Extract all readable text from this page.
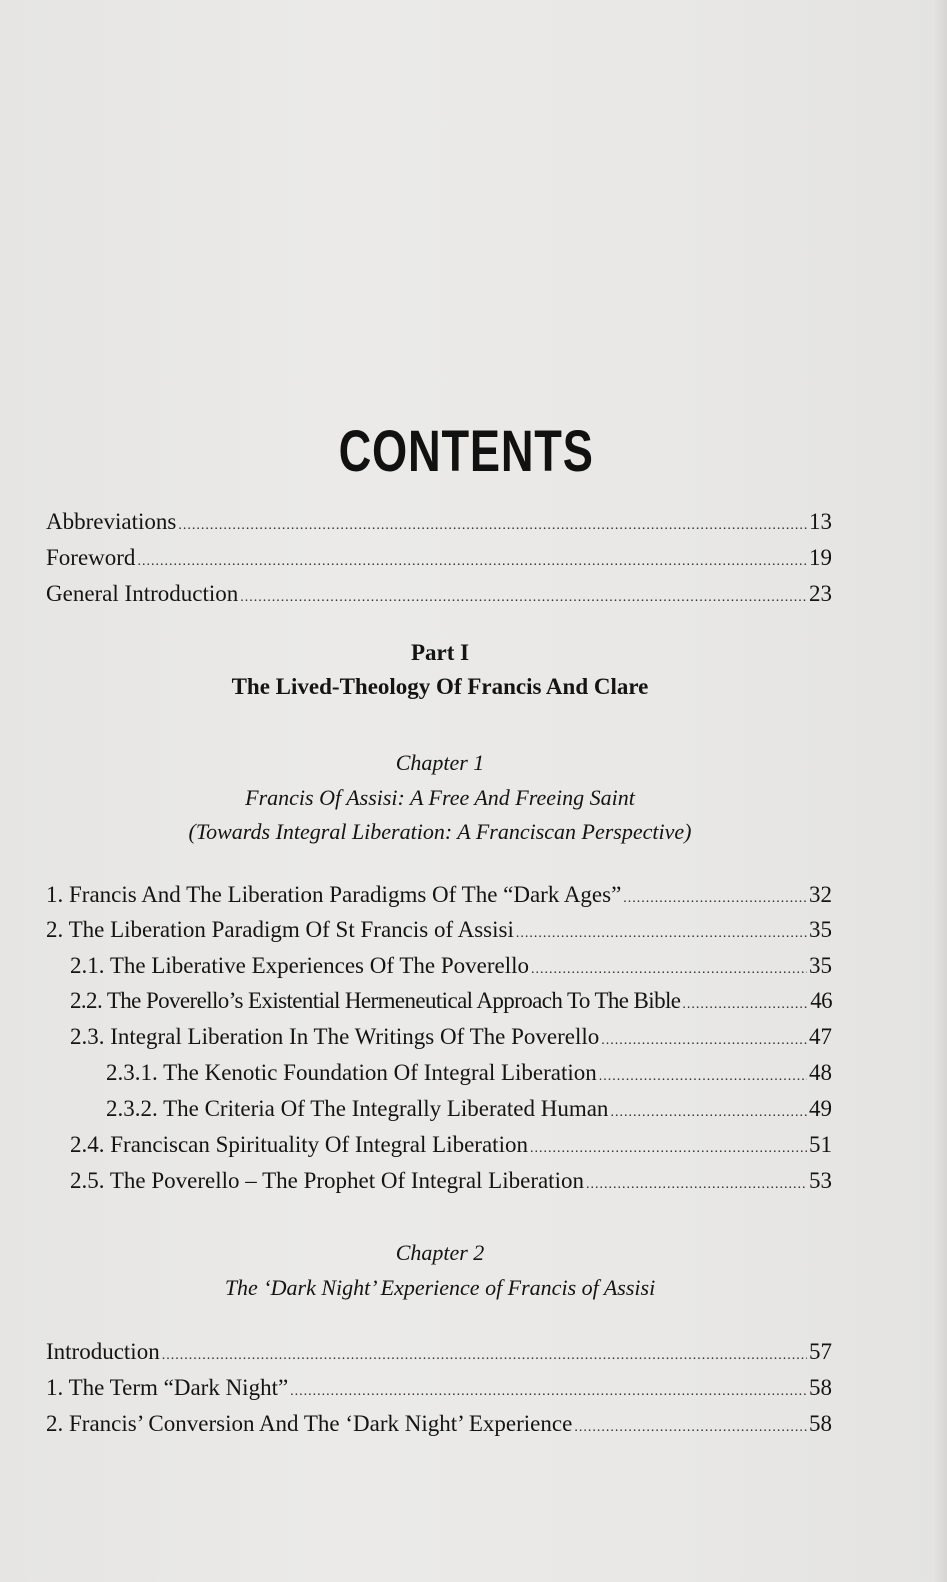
CONTENTS
Abbreviations .....	13
Foreword .....	19
General Introduction .....	23
Part I
The Lived-Theology Of Francis And Clare
Chapter 1
Francis Of Assisi: A Free And Freeing Saint
(Towards Integral Liberation: A Franciscan Perspective)
1. Francis And The Liberation Paradigms Of The “Dark Ages” .....	32
2. The Liberation Paradigm Of St Francis of Assisi .....	35
2.1. The Liberative Experiences Of The Poverello .....	35
2.2. The Poverello’s Existential Hermeneutical Approach To The Bible .....	46
2.3. Integral Liberation In The Writings Of The Poverello .....	47
2.3.1. The Kenotic Foundation Of Integral Liberation .....	48
2.3.2. The Criteria Of The Integrally Liberated Human .....	49
2.4. Franciscan Spirituality Of Integral Liberation .....	51
2.5. The Poverello – The Prophet Of Integral Liberation .....	53
Chapter 2
The ‘Dark Night’ Experience of Francis of Assisi
Introduction .....	57
1. The Term “Dark Night” .....	58
2. Francis’ Conversion And The ‘Dark Night’ Experience .....	58
